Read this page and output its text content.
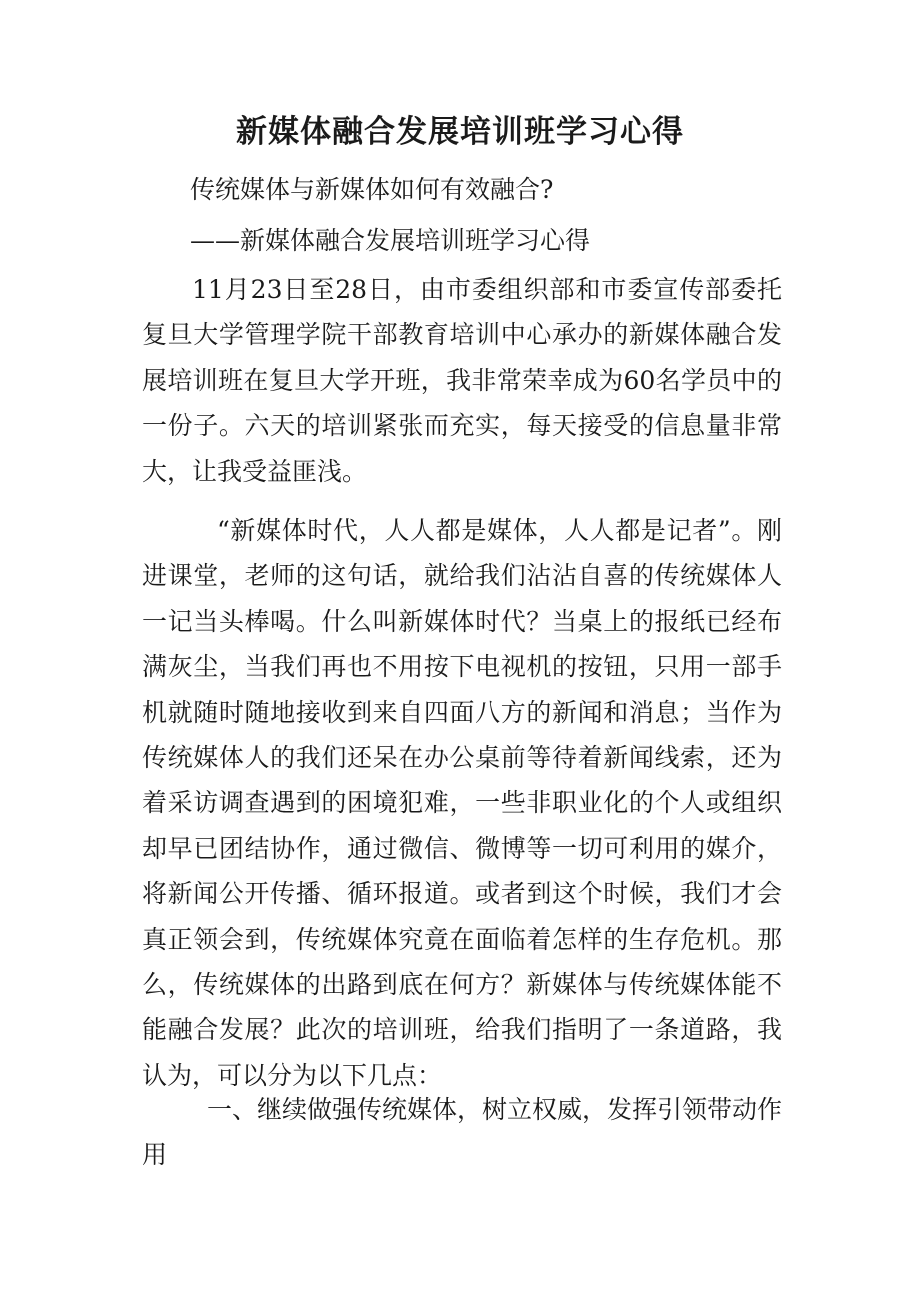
新媒体融合发展培训班学习心得

传统媒体与新媒体如何有效融合?

——新媒体融合发展培训班学习心得

11月23日至28日，由市委组织部和市委宣传部委托复旦大学管理学院干部教育培训中心承办的新媒体融合发展培训班在复旦大学开班，我非常荣幸成为60名学员中的一份子。六天的培训紧张而充实，每天接受的信息量非常大，让我受益匪浅。

“新媒体时代，人人都是媒体，人人都是记者”。刚进课堂，老师的这句话，就给我们沾沾自喜的传统媒体人一记当头棒喝。什么叫新媒体时代？当桌上的报纸已经布满灰尘，当我们再也不用按下电视机的按钮，只用一部手机就随时随地接收到来自四面八方的新闻和消息；当作为传统媒体人的我们还呆在办公桌前等待着新闻线索，还为着采访调查遇到的困境犯难，一些非职业化的个人或组织却早已团结协作，通过微信、微博等一切可利用的媒介，将新闻公开传播、循环报道。或者到这个时候，我们才会真正领会到，传统媒体究竟在面临着怎样的生存危机。那么，传统媒体的出路到底在何方？新媒体与传统媒体能不能融合发展？此次的培训班，给我们指明了一条道路，我认为，可以分为以下几点：

一、继续做强传统媒体，树立权威，发挥引领带动作用
